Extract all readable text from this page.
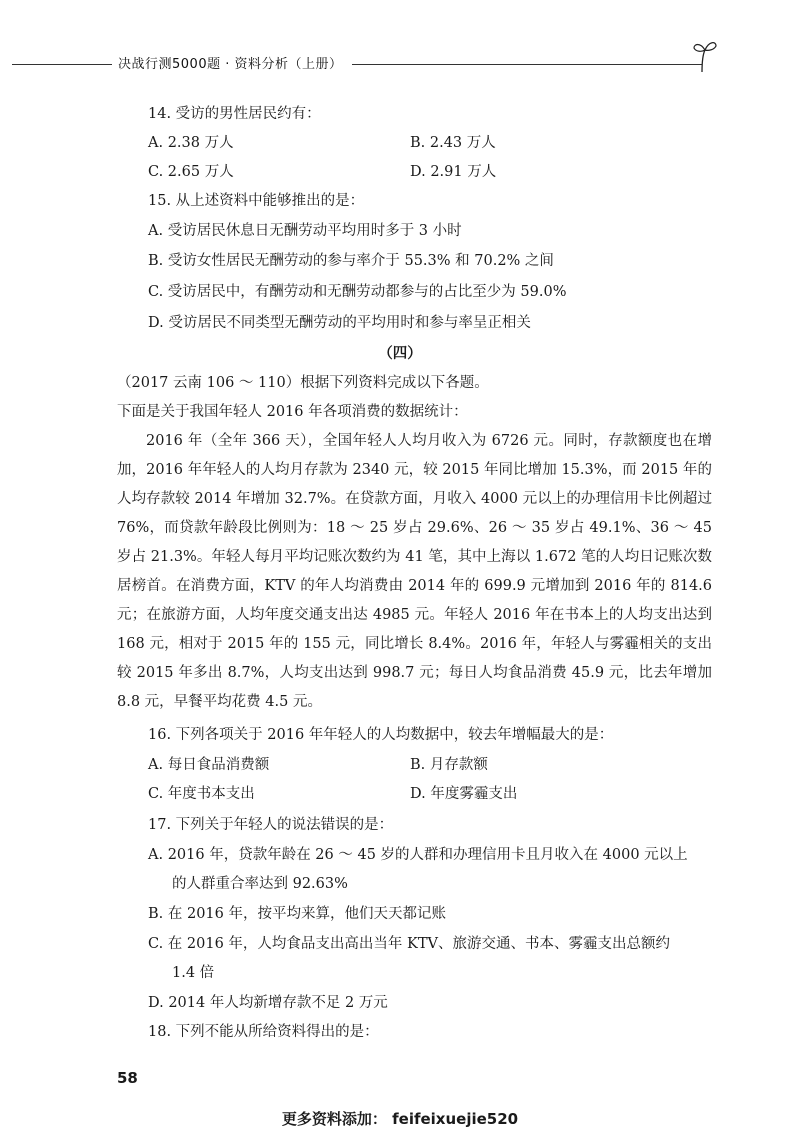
决战行测5000题 · 资料分析（上册）
14. 受访的男性居民约有：
A. 2.38 万人	B. 2.43 万人
C. 2.65 万人	D. 2.91 万人
15. 从上述资料中能够推出的是：
A. 受访居民休息日无酬劳动平均用时多于 3 小时
B. 受访女性居民无酬劳动的参与率介于 55.3% 和 70.2% 之间
C. 受访居民中，有酬劳动和无酬劳动都参与的占比至少为 59.0%
D. 受访居民不同类型无酬劳动的平均用时和参与率呈正相关
（四）
（2017 云南 106 ～ 110）根据下列资料完成以下各题。
下面是关于我国年轻人 2016 年各项消费的数据统计：
2016 年（全年 366 天），全国年轻人人均月收入为 6726 元。同时，存款额度也在增加，2016 年年轻人的人均月存款为 2340 元，较 2015 年同比增加 15.3%，而 2015 年的人均存款较 2014 年增加 32.7%。在贷款方面，月收入 4000 元以上的办理信用卡比例超过 76%，而贷款年龄段比例则为：18 ～ 25 岁占 29.6%、26 ～ 35 岁占 49.1%、36 ～ 45 岁占 21.3%。年轻人每月平均记账次数约为 41 笔，其中上海以 1.672 笔的人均日记账次数居榜首。在消费方面，KTV 的年人均消费由 2014 年的 699.9 元增加到 2016 年的 814.6 元；在旅游方面，人均年度交通支出达 4985 元。年轻人 2016 年在书本上的人均支出达到 168 元，相对于 2015 年的 155 元，同比增长 8.4%。2016 年，年轻人与雾霾相关的支出较 2015 年多出 8.7%，人均支出达到 998.7 元；每日人均食品消费 45.9 元，比去年增加 8.8 元，早餐平均花费 4.5 元。
16. 下列各项关于 2016 年年轻人的人均数据中，较去年增幅最大的是：
A. 每日食品消费额	B. 月存款额
C. 年度书本支出	D. 年度雾霾支出
17. 下列关于年轻人的说法错误的是：
A. 2016 年，贷款年龄在 26 ～ 45 岁的人群和办理信用卡且月收入在 4000 元以上
的人群重合率达到 92.63%
B. 在 2016 年，按平均来算，他们天天都记账
C. 在 2016 年，人均食品支出高出当年 KTV、旅游交通、书本、雾霾支出总额约
1.4 倍
D. 2014 年人均新增存款不足 2 万元
18. 下列不能从所给资料得出的是：
58
更多资料添加： feifeixuejie520
